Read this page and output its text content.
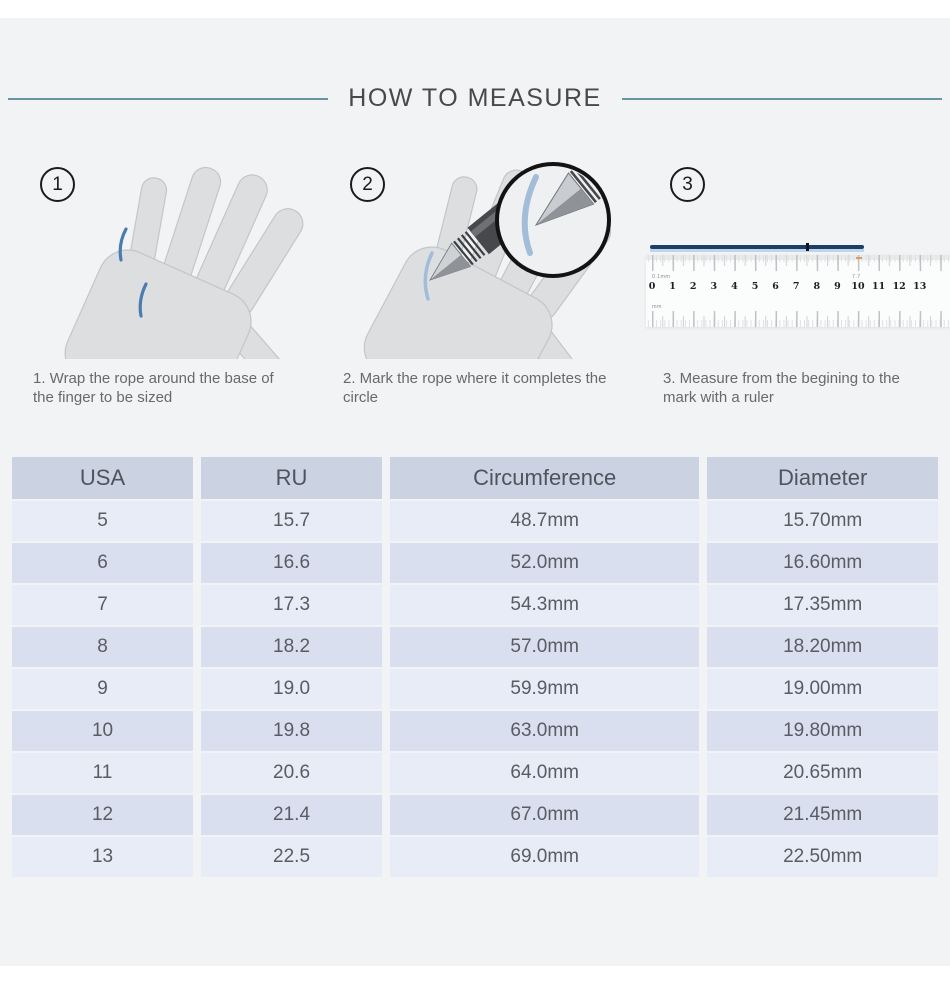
HOW TO MEASURE
1

1. Wrap the rope around the base of the finger to be sized

2

2. Mark the rope where it completes the circle

3
0.1mm	7.7
0 1 2 3 4 5 6 7 8 9 10 11 12 13
mm

3. Measure from the begining to the mark with a ruler

USA	RU	Circumference	Diameter
5	15.7	48.7mm	15.70mm
6	16.6	52.0mm	16.60mm
7	17.3	54.3mm	17.35mm
8	18.2	57.0mm	18.20mm
9	19.0	59.9mm	19.00mm
10	19.8	63.0mm	19.80mm
11	20.6	64.0mm	20.65mm
12	21.4	67.0mm	21.45mm
13	22.5	69.0mm	22.50mm
